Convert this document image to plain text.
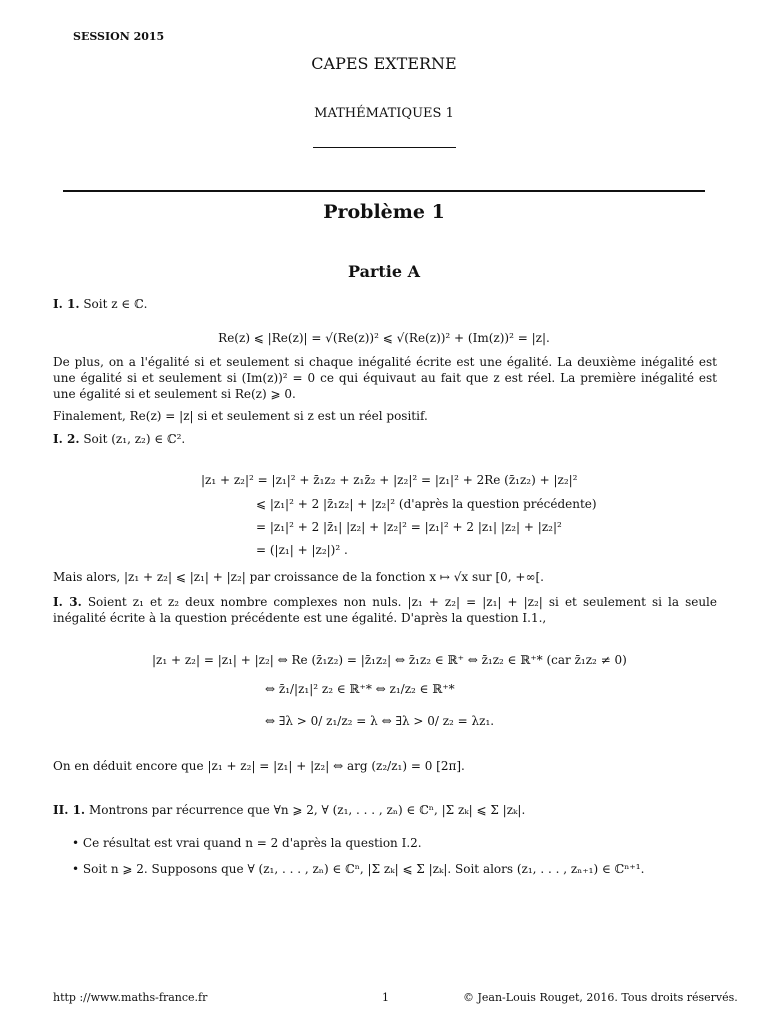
SESSION 2015
CAPES EXTERNE
MATHÉMATIQUES 1
Problème 1
Partie A
I. 1. Soit z ∈ ℂ.
Re(z) ⩽ |Re(z)| = √(Re(z))² ⩽ √(Re(z))² + (Im(z))² = |z|.
De plus, on a l'égalité si et seulement si chaque inégalité écrite est une égalité. La deuxième inégalité est une égalité si et seulement si (Im(z))² = 0 ce qui équivaut au fait que z est réel. La première inégalité est une égalité si et seulement si Re(z) ⩾ 0.
Finalement, Re(z) = |z| si et seulement si z est un réel positif.
I. 2. Soit (z₁, z₂) ∈ ℂ².
|z₁ + z₂|² = |z₁|² + z̄₁z₂ + z₁z̄₂ + |z₂|² = |z₁|² + 2Re (z̄₁z₂) + |z₂|²
⩽ |z₁|² + 2 |z̄₁z₂| + |z₂|² (d'après la question précédente)
= |z₁|² + 2 |z̄₁| |z₂| + |z₂|² = |z₁|² + 2 |z₁| |z₂| + |z₂|²
= (|z₁| + |z₂|)² .
Mais alors, |z₁ + z₂| ⩽ |z₁| + |z₂| par croissance de la fonction x ↦ √x sur [0, +∞[.
I. 3. Soient z₁ et z₂ deux nombre complexes non nuls. |z₁ + z₂| = |z₁| + |z₂| si et seulement si la seule inégalité écrite à la question précédente est une égalité. D'après la question I.1.,
|z₁ + z₂| = |z₁| + |z₂| ⇔ Re (z̄₁z₂) = |z̄₁z₂| ⇔ z̄₁z₂ ∈ ℝ⁺ ⇔ z̄₁z₂ ∈ ℝ⁺* (car z̄₁z₂ ≠ 0)
⇔ z̄₁/|z₁|² z₂ ∈ ℝ⁺* ⇔ z₁/z₂ ∈ ℝ⁺*
⇔ ∃λ > 0/ z₁/z₂ = λ ⇔ ∃λ > 0/ z₂ = λz₁.
On en déduit encore que |z₁ + z₂| = |z₁| + |z₂| ⇔ arg (z₂/z₁) = 0 [2π].
II. 1. Montrons par récurrence que ∀n ⩾ 2, ∀ (z₁, . . . , zₙ) ∈ ℂⁿ, |Σ zₖ| ⩽ Σ |zₖ|.
• Ce résultat est vrai quand n = 2 d'après la question I.2.
• Soit n ⩾ 2. Supposons que ∀ (z₁, . . . , zₙ) ∈ ℂⁿ, |Σ zₖ| ⩽ Σ |zₖ|. Soit alors (z₁, . . . , zₙ₊₁) ∈ ℂⁿ⁺¹.
http ://www.maths-france.fr	1	© Jean-Louis Rouget, 2016. Tous droits réservés.
